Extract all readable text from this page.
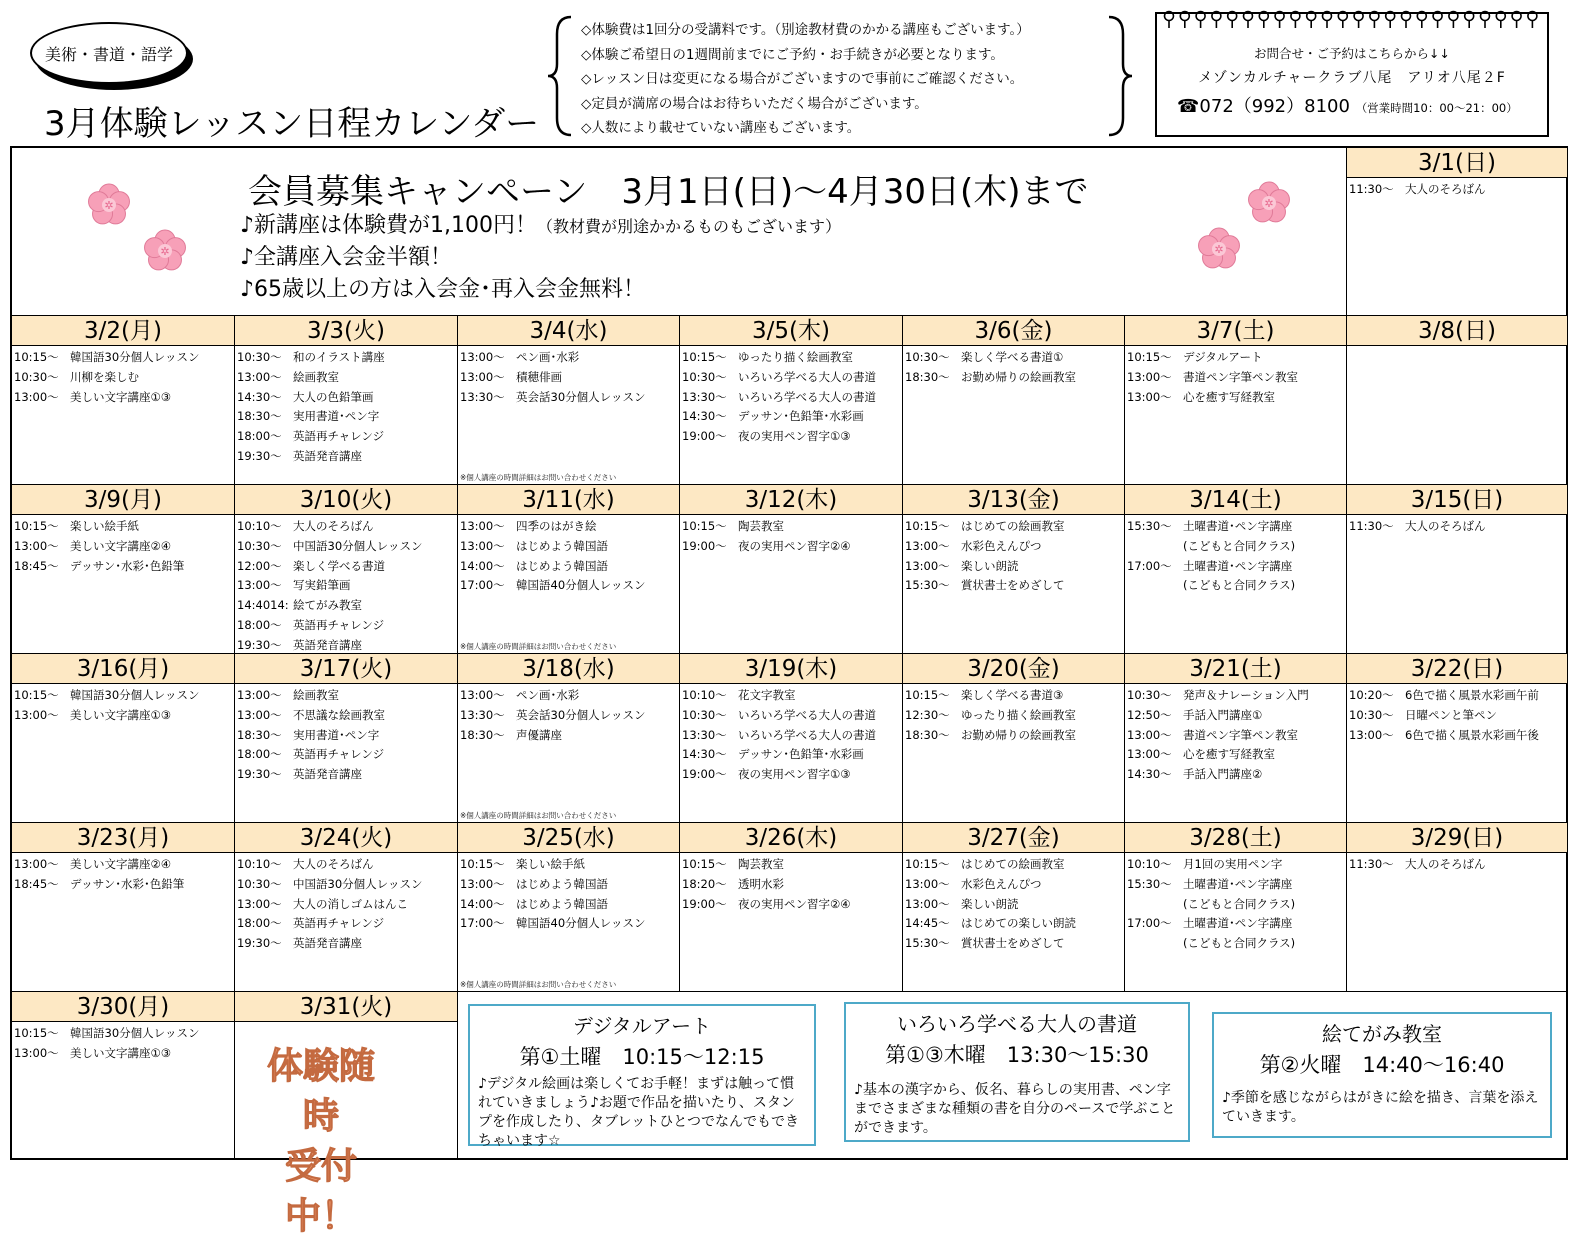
美術・書道・語学
3月体験レッスン日程カレンダー
◇体験費は1回分の受講料です。（別途教材費のかかる講座もございます。）
◇体験ご希望日の1週間前までにご予約・お手続きが必要となります。
◇レッスン日は変更になる場合がございますので事前にご確認ください。
◇定員が満席の場合はお待ちいただく場合がございます。
◇人数により載せていない講座もございます。
お問合せ・ご予約はこちらから↓↓
メゾンカルチャークラブ八尾　アリオ八尾２F
☎072（992）8100 （営業時間10：00～21：00）
✲
✲
✲
✲
会員募集キャンペーン　3月1日(日)～4月30日(木)まで
♪新講座は体験費が1,100円！（教材費が別途かかるものもございます）
♪全講座入会金半額！
♪65歳以上の方は入会金･再入会金無料！
3/1(日)
11:30～ 大人のそろばん
3/2(月)
10:15～ 韓国語30分個人レッスン
10:30～ 川柳を楽しむ
13:00～ 美しい文字講座①③
3/3(火)
10:30～ 和のイラスト講座
13:00～ 絵画教室
14:30～ 大人の色鉛筆画
18:30～ 実用書道･ペン字
18:00～ 英語再チャレンジ
19:30～ 英語発音講座
3/4(水)
13:00～ ペン画･水彩
13:00～ 積穂俳画
13:30～ 英会話30分個人レッスン
※個人講座の時間詳細はお問い合わせください
3/5(木)
10:15～ ゆったり描く絵画教室
10:30～ いろいろ学べる大人の書道
13:30～ いろいろ学べる大人の書道
14:30～ デッサン･色鉛筆･水彩画
19:00～ 夜の実用ペン習字①③
3/6(金)
10:30～ 楽しく学べる書道①
18:30～ お勤め帰りの絵画教室
3/7(土)
10:15～ デジタルアート
13:00～ 書道ペン字筆ペン教室
13:00～ 心を癒す写経教室
3/8(日)
3/9(月)
10:15～ 楽しい絵手紙
13:00～ 美しい文字講座②④
18:45～ デッサン･水彩･色鉛筆
3/10(火)
10:10～ 大人のそろばん
10:30～ 中国語30分個人レッスン
12:00～ 楽しく学べる書道
13:00～ 写実鉛筆画
14:4014: 絵てがみ教室
18:00～ 英語再チャレンジ
19:30～ 英語発音講座
3/11(水)
13:00～ 四季のはがき絵
13:00～ はじめよう韓国語
14:00～ はじめよう韓国語
17:00～ 韓国語40分個人レッスン
※個人講座の時間詳細はお問い合わせください
3/12(木)
10:15～ 陶芸教室
19:00～ 夜の実用ペン習字②④
3/13(金)
10:15～ はじめての絵画教室
13:00～ 水彩色えんぴつ
13:00～ 楽しい朗読
15:30～ 賞状書士をめざして
3/14(土)
15:30～ 土曜書道･ペン字講座
(こどもと合同クラス)
17:00～ 土曜書道･ペン字講座
(こどもと合同クラス)
3/15(日)
11:30～ 大人のそろばん
3/16(月)
10:15～ 韓国語30分個人レッスン
13:00～ 美しい文字講座①③
3/17(火)
13:00～ 絵画教室
13:00～ 不思議な絵画教室
18:30～ 実用書道･ペン字
18:00～ 英語再チャレンジ
19:30～ 英語発音講座
3/18(水)
13:00～ ペン画･水彩
13:30～ 英会話30分個人レッスン
18:30～ 声優講座
※個人講座の時間詳細はお問い合わせください
3/19(木)
10:10～ 花文字教室
10:30～ いろいろ学べる大人の書道
13:30～ いろいろ学べる大人の書道
14:30～ デッサン･色鉛筆･水彩画
19:00～ 夜の実用ペン習字①③
3/20(金)
10:15～ 楽しく学べる書道③
12:30～ ゆったり描く絵画教室
18:30～ お勤め帰りの絵画教室
3/21(土)
10:30～ 発声＆ナレーション入門
12:50～ 手話入門講座①
13:00～ 書道ペン字筆ペン教室
13:00～ 心を癒す写経教室
14:30～ 手話入門講座②
3/22(日)
10:20～ 6色で描く風景水彩画午前
10:30～ 日曜ペンと筆ペン
13:00～ 6色で描く風景水彩画午後
3/23(月)
13:00～ 美しい文字講座②④
18:45～ デッサン･水彩･色鉛筆
3/24(火)
10:10～ 大人のそろばん
10:30～ 中国語30分個人レッスン
13:00～ 大人の消しゴムはんこ
18:00～ 英語再チャレンジ
19:30～ 英語発音講座
3/25(水)
10:15～ 楽しい絵手紙
13:00～ はじめよう韓国語
14:00～ はじめよう韓国語
17:00～ 韓国語40分個人レッスン
※個人講座の時間詳細はお問い合わせください
3/26(木)
10:15～ 陶芸教室
18:20～ 透明水彩
19:00～ 夜の実用ペン習字②④
3/27(金)
10:15～ はじめての絵画教室
13:00～ 水彩色えんぴつ
13:00～ 楽しい朗読
14:45～ はじめての楽しい朗読
15:30～ 賞状書士をめざして
3/28(土)
10:10～ 月1回の実用ペン字
15:30～ 土曜書道･ペン字講座
(こどもと合同クラス)
17:00～ 土曜書道･ペン字講座
(こどもと合同クラス)
3/29(日)
11:30～ 大人のそろばん
3/30(月)
10:15～ 韓国語30分個人レッスン
13:00～ 美しい文字講座①③
3/31(火)
体験随時
受付中！
デジタルアート
第①土曜　10:15～12:15
♪デジタル絵画は楽しくてお手軽！まずは触って慣れていきましょう♪お題で作品を描いたり、スタンプを作成したり、タブレットひとつでなんでもできちゃいます☆
いろいろ学べる大人の書道
第①③木曜　13:30～15:30
♪基本の漢字から、仮名、暮らしの実用書、ペン字までさまざまな種類の書を自分のペースで学ぶことができます。
絵てがみ教室
第②火曜　14:40～16:40
♪季節を感じながらはがきに絵を描き、言葉を添えていきます。
